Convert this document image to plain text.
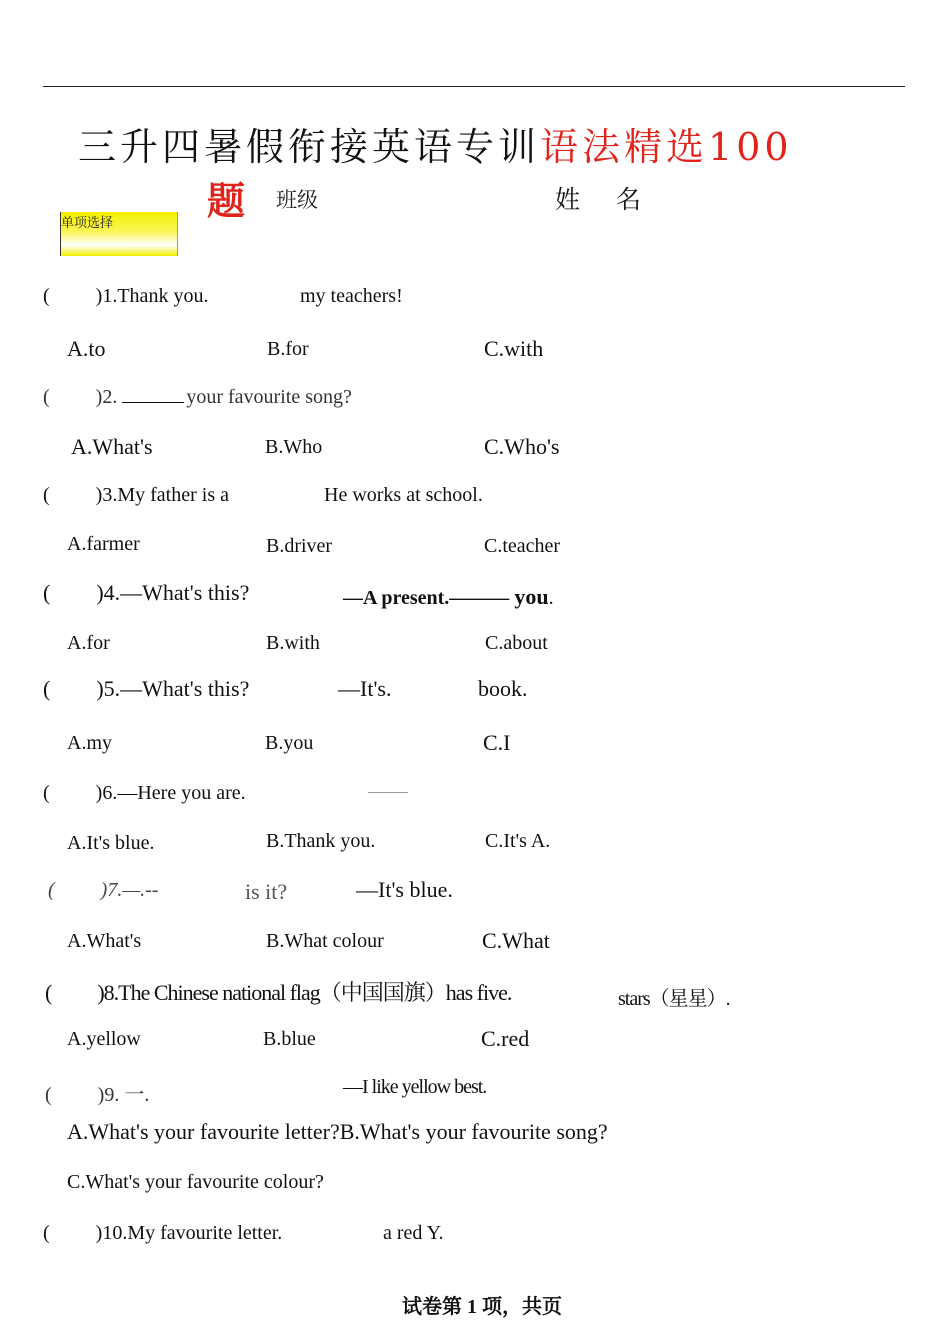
三升四暑假衔接英语专训语法精选100
题 班级	姓 名
单项选择
( )1.Thank you.	my teachers!
A.to	B.for	C.with
( )2.	your favourite song?
A.What's	B.Who	C.Who's
( )3.My father is a	He works at school.
A.farmer	B.driver	C.teacher
( )4.—What's this?	—A present.——— you.
A.for	B.with	C.about
( )5.—What's this?	—It's.	book.
A.my	B.you	C.I
( )6.—Here you are.	——
A.It's blue.	B.Thank you.	C.It's A.
( )7.—.--	is it?	—It's blue.
A.What's	B.What colour	C.What
( )8.The Chinese national flag（中国国旗）has five.	stars（星星）.
A.yellow	B.blue	C.red
( )9. 一.	—I like yellow best.
A.What's your favourite letter?B.What's your favourite song?
C.What's your favourite colour?
( )10.My favourite letter.	a red Y.
试卷第 1 项，共页
